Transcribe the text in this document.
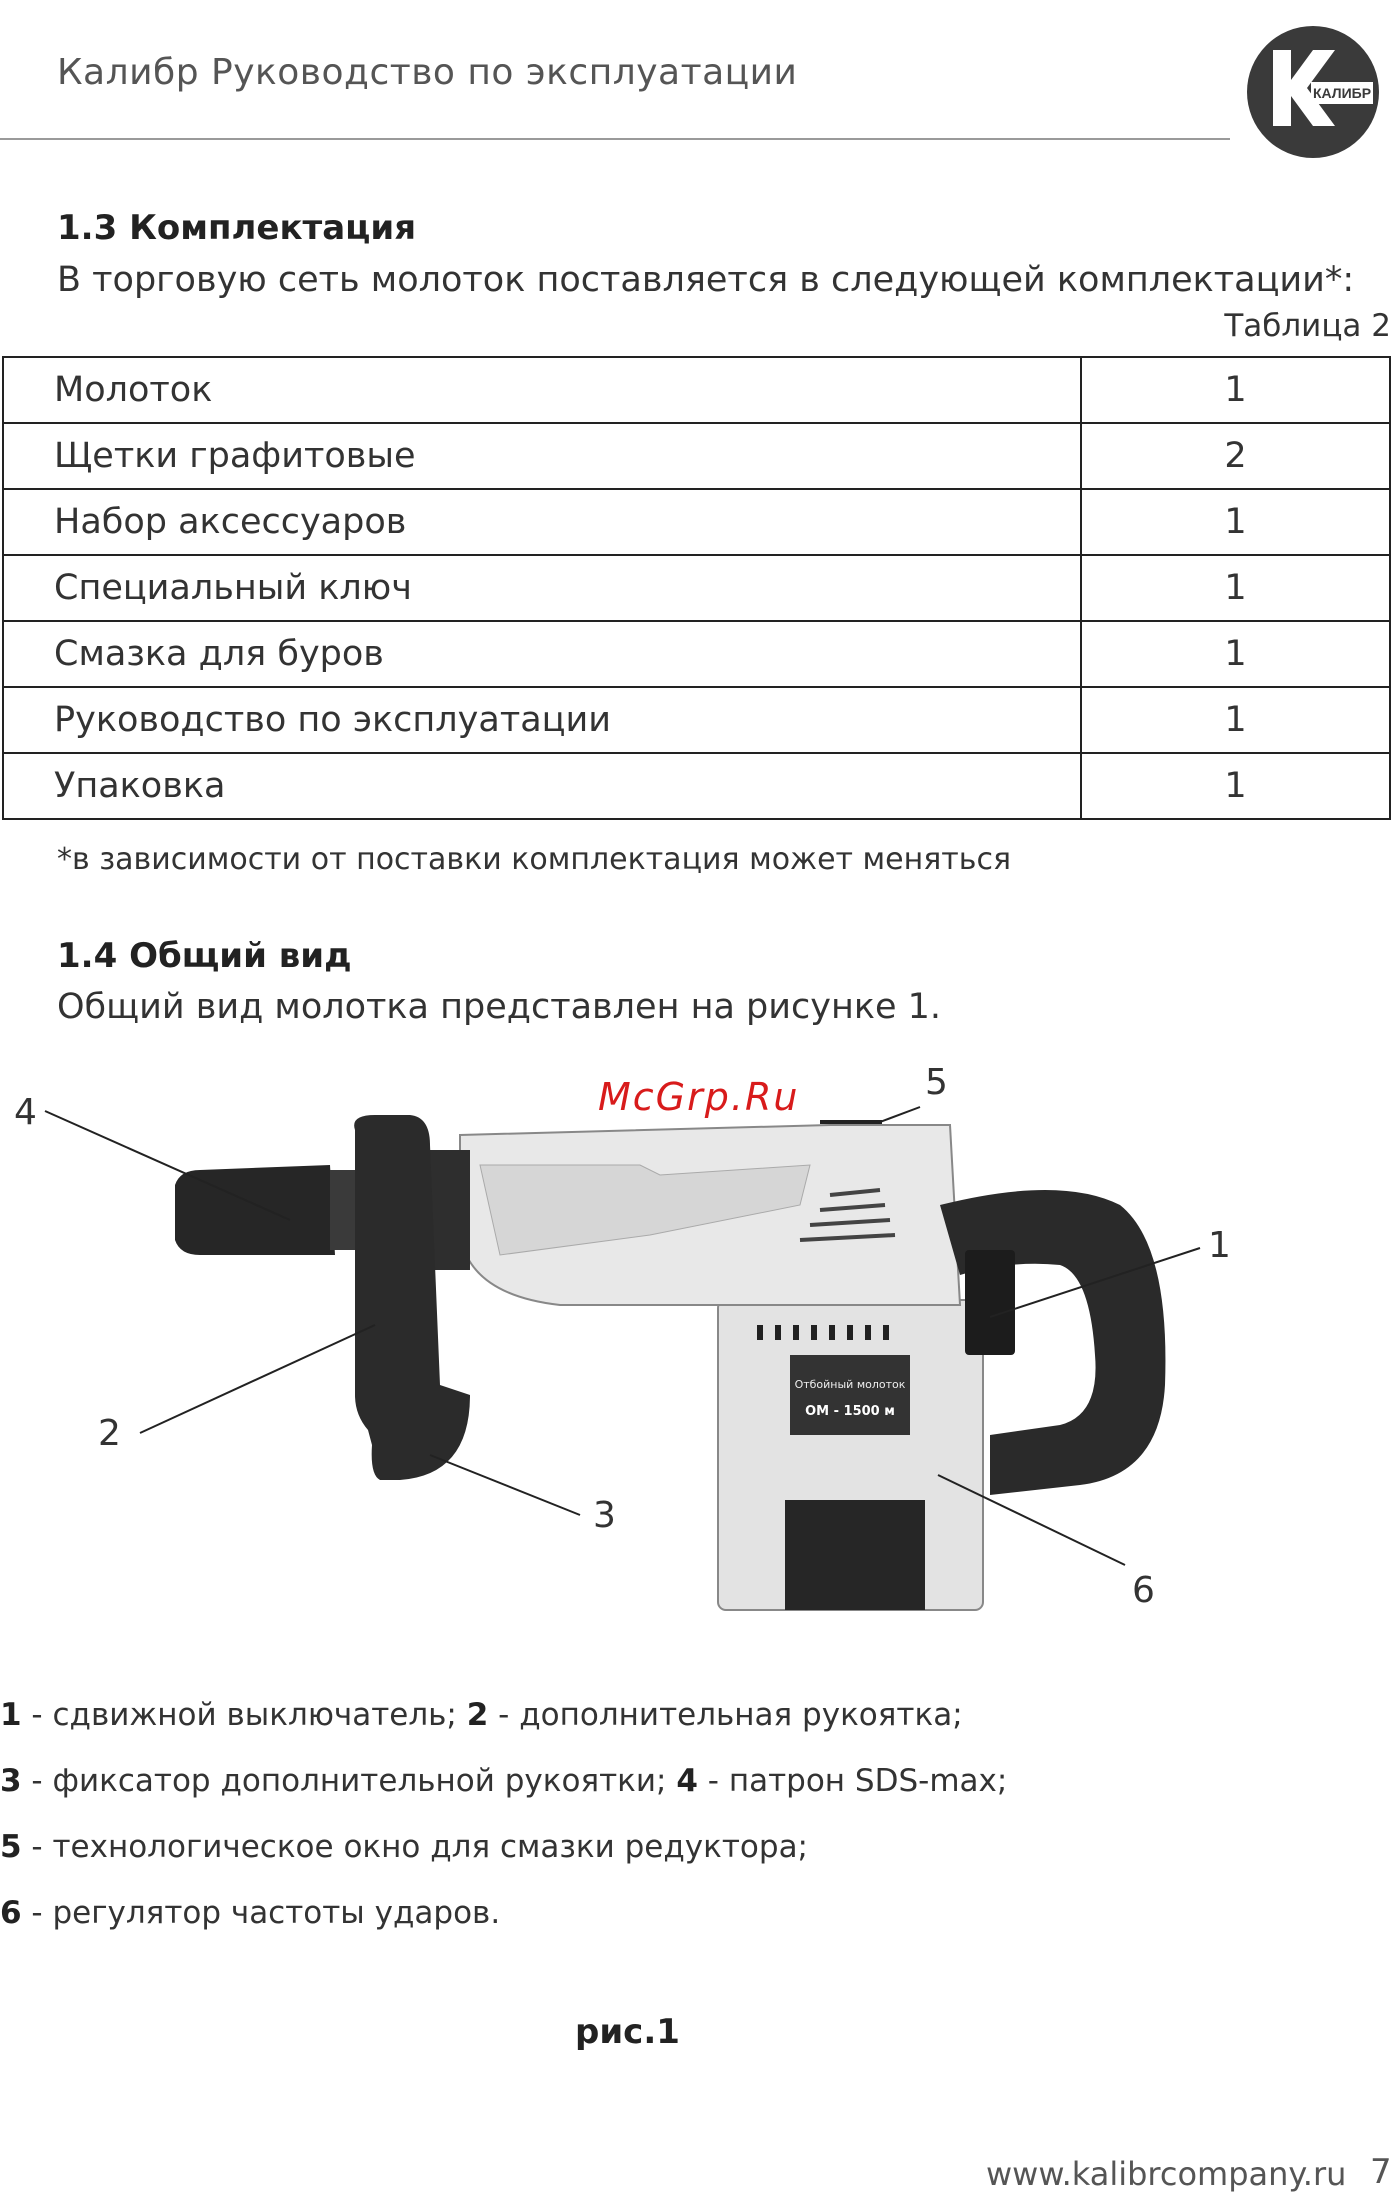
Калибр Руководство по эксплуатации	КАЛИБР
1.3 Комплектация
В торговую сеть молоток поставляется в следующей комплектации*:
Таблица 2
Молоток	1
Щетки графитовые	2
Набор аксессуаров	1
Специальный ключ	1
Смазка для буров	1
Руководство по эксплуатации	1
Упаковка	1
*в зависимости от поставки комплектация может меняться
1.4 Общий вид
Общий вид молотка представлен на рисунке 1.
Отбойный молоток
ОМ - 1500 м
McGrp.Ru
4
5
1
2
3
6
1 - сдвижной выключатель; 2 - дополнительная рукоятка;
3 - фиксатор дополнительной рукоятки; 4 - патрон SDS-max;
5 - технологическое окно для смазки редуктора;
6 - регулятор частоты ударов.
рис.1
www.kalibrcompany.ru 7
